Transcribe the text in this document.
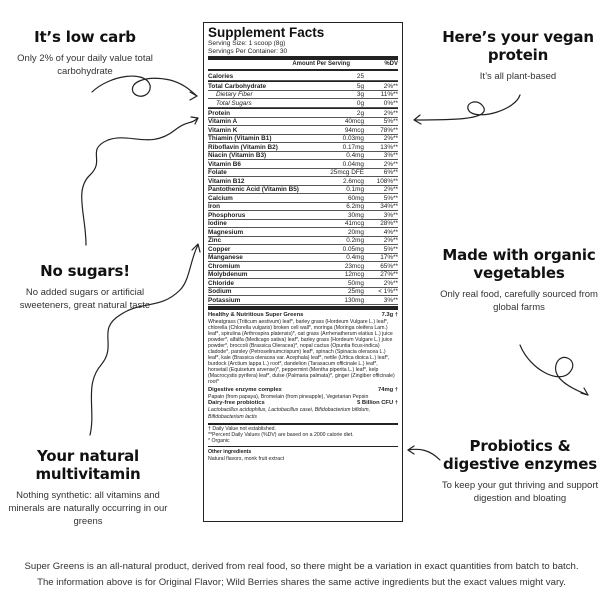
It’s low carb

Only 2% of your daily value total carbohydrate

Here’s your vegan protein

It’s all plant-based

No sugars!

No added sugars or artificial sweeteners, great natural taste

Made with organic vegetables

Only real food, carefully sourced from global farms

Your natural multivitamin

Nothing synthetic: all vitamins and minerals are naturally occurring in our greens

Probiotics & digestive enzymes

To keep your gut thriving and support digestion and bloating

Supplement Facts
Serving Size: 1 scoop (8g)
Servings Per Container: 30
Amount Per Serving	%DV
Calories	25
Total Carbohydrate	5g	2%**
Dietary Fiber	3g	11%**
Total Sugars	0g	0%**
Protein	2g	2%**
Vitamin A	40mcg	5%**
Vitamin K	94mcg	78%**
Thiamin (Vitamin B1)	0.03mg	2%**
Riboflavin (Vitamin B2)	0.17mg	13%**
Niacin (Vitamin B3)	0.4mg	3%**
Vitamin B6	0.04mg	2%**
Folate	25mcg DFE	6%**
Vitamin B12	2.6mcg	108%**
Pantothenic Acid (Vitamin B5)	0.1mg	2%**
Calcium	60mg	5%**
Iron	6.2mg	34%**
Phosphorus	30mg	3%**
Iodine	41mcg	28%**
Magnesium	20mg	4%**
Zinc	0.2mg	2%**
Copper	0.05mg	5%**
Manganese	0.4mg	17%**
Chromium	23mcg	65%**
Molybdenum	12mcg	27%**
Chloride	50mg	2%**
Sodium	25mg	< 1%**
Potassium	130mg	3%**
Healthy & Nutritious Super Greens	7.3g †
Wheatgrass (Triticum aestivum) leaf*, barley grass (Hordeum Vulgare L.) leaf*, chlorella (Chlorella vulgaris) broken cell wall*, moringa (Moringa oleifera Lam.) leaf*, spirulina (Arthrospira platensis)*, oat grass (Arrhenatherum elatius L.) juice powder*, alfalfa (Medicago sativa) leaf*, barley grass (Hordeum Vulgare L.) juice powder*, broccoli (Brassica Oleracea)*, nopal cactus (Opuntia ficus-indica) cladode*, parsley (Petroselinumcrispum) leaf*, spinach (Spinacia oleracea L.) leaf*, kale (Brassica oleracea var. Acephala) leaf*, nettle (Urtica dioica L.) leaf*, burdock (Arctium lappa L.) root*, dandelion (Taraxacum officinale L.) leaf*, horsetail (Equisetum arvense)*, peppermint (Mentha piperita L.) leaf*, kelp (Macrocystis pyrifera) leaf*, dulse (Palmaria palmata)*, ginger (Zingiber officinale) root*
Digestive enzyme complex	74mg †
Papain (from papaya), Bromelain (from pineapple), Vegetarian Pepsin
Dairy-free probiotics	5 Billion CFU †
Lactobacillus acidophilus, Lactobacillus casei, Bifidobacterium bifidum, Bifidobacterium lactis
† Daily Value not established.
**Percent Daily Values (%DV) are based on a 2000 calorie diet.
* Organic
Other ingredients
Natural flavors, monk fruit extract
Super Greens is an all-natural product, derived from real food, so there might be a variation in exact quantities from batch to batch.
The information above is for Original Flavor; Wild Berries shares the same active ingredients but the exact values might vary.
